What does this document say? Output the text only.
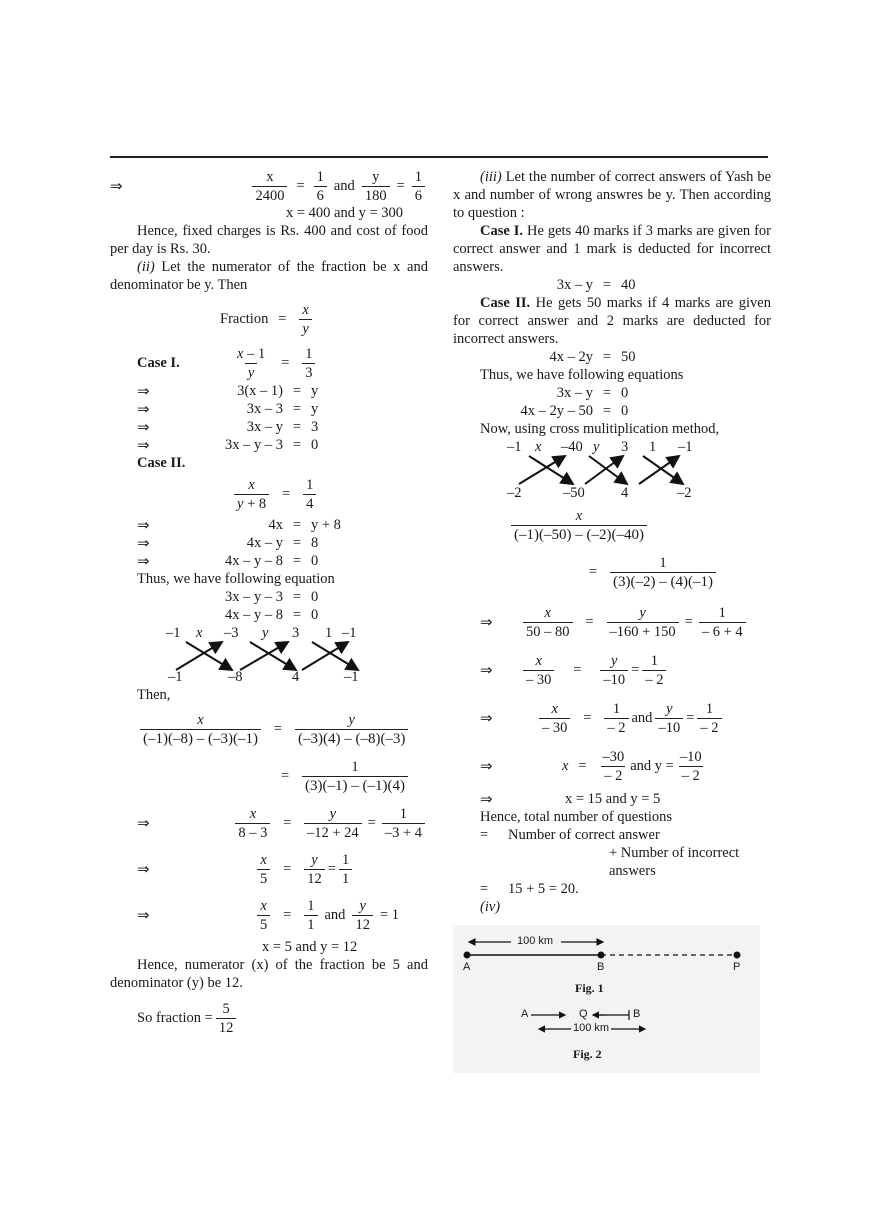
⇒	$\frac{x}{2400} = \frac{1}{6}$ and $\frac{y}{180} = \frac{1}{6}$
x = 400 and y = 300

Hence, fixed charges is Rs. 400 and cost of food per day is Rs. 30.

(ii) Let the numerator of the fraction be x and denominator be y. Then

Fraction = $\frac{x}{y}$
Case I.	$\frac{x - 1}{y} = \frac{1}{3}$
⇒	3(x – 1) = y
⇒	3x – 3 = y
⇒	3x – y = 3
⇒	3x – y – 3 = 0
Case II.
$\frac{x}{y + 8} = \frac{1}{4}$
⇒	4x = y + 8
⇒	4x – y = 8
⇒	4x – y – 8 = 0
Thus, we have following equation
3x – y – 3 = 0
4x – y – 8 = 0
–1 x –3 y 3 1 –1
–1	–8	4	–1
Then,
$\frac{x}{(-1)(-8) - (-3)(-1)} = \frac{y}{(-3)(4) - (-8)(-3)}$
= $\frac{1}{(3)(-1) - (-1)(4)}$
⇒	$\frac{x}{8 - 3} = \frac{y}{-12 + 24} = \frac{1}{-3 + 4}$
⇒	$\frac{x}{5} = \frac{y}{12} = \frac{1}{1}$
⇒	$\frac{x}{5} = \frac{1}{1}$ and $\frac{y}{12} = 1$
x = 5 and y = 12

Hence, numerator (x) of the fraction be 5 and denominator (y) be 12.

So fraction = $\frac{5}{12}$

(iii) Let the number of correct answers of Yash be x and number of wrong answres be y. Then according to question :

Case I. He gets 40 marks if 3 marks are given for correct answer and 1 mark is deducted for incorrect answers.

3x – y = 40

Case II. He gets 50 marks if 4 marks are given for correct answer and 2 marks are deducted for incorrect answers.

4x – 2y = 50
Thus, we have following equations
3x – y = 0
4x – 2y – 50 = 0
Now, using cross mulitiplication method,
–1 x –40 y 3 1 –1
–2	–50	4	–2
$\frac{x}{(-1)(-50) - (-2)(-40)}$
= $\frac{1}{(3)(-2) - (4)(-1)}$
⇒	$\frac{x}{50 - 80} = \frac{y}{-160 + 150} = \frac{1}{- 6 + 4}$
⇒	$\frac{x}{- 30}$	=	$\frac{y}{-10} = \frac{1}{- 2}$
⇒	$\frac{x}{- 30} = \frac{1}{- 2}$ and $\frac{y}{-10} = \frac{1}{- 2}$
⇒	$x = \frac{-30}{- 2}$ and $y = \frac{-10}{- 2}$
⇒	x = 15 and y = 5
Hence, total number of questions
=	Number of correct answer
+ Number of incorrect answers
=	15 + 5 = 20.
(iv)
100 km
A	B	P
Fig. 1
A	Q	B
100 km
Fig. 2
